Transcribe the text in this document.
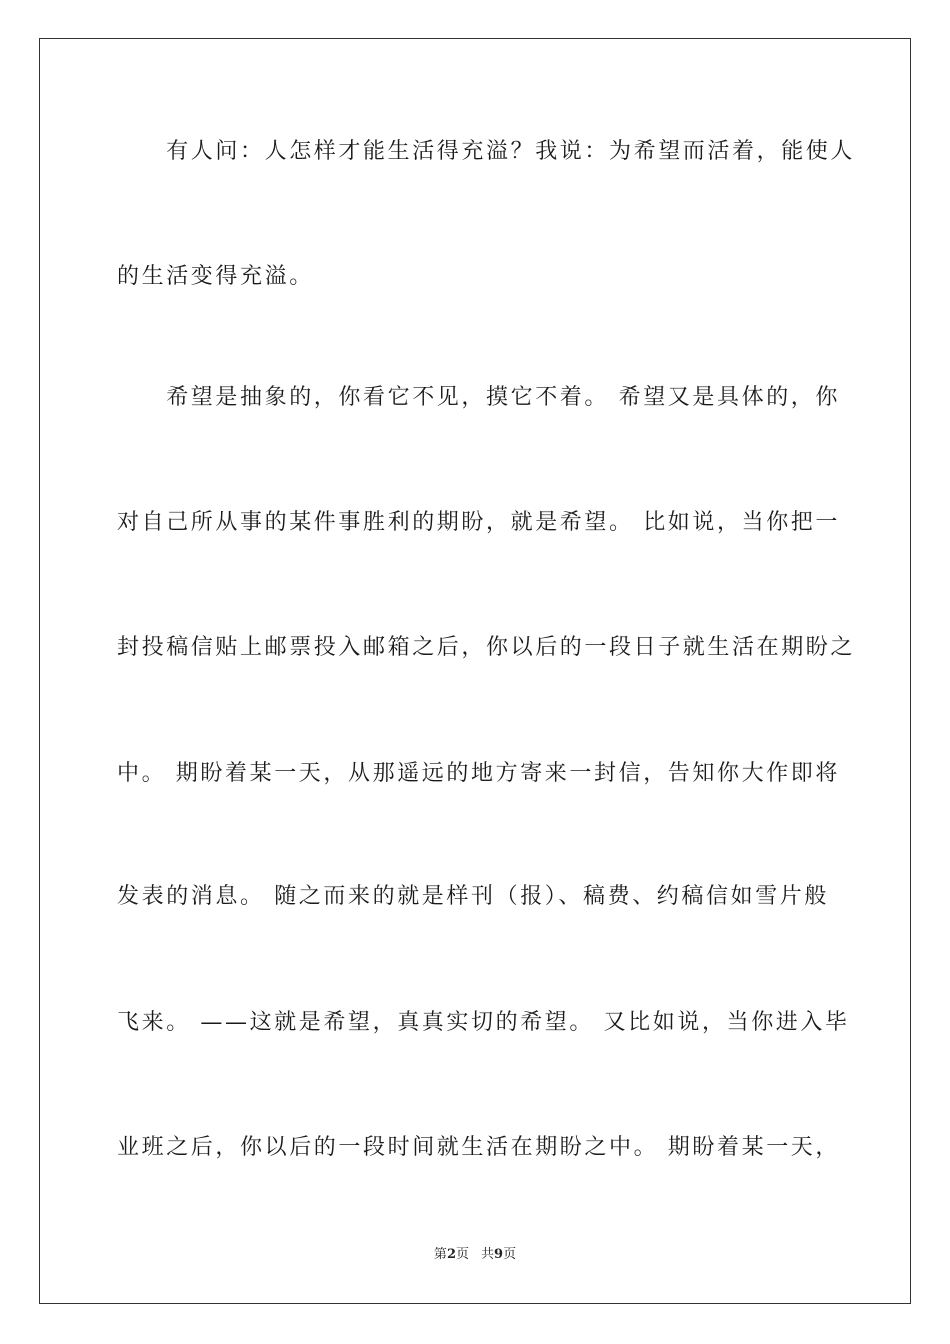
　　有人问：人怎样才能生活得充溢？我说：为希望而活着，能使人
的生活变得充溢。
　　希望是抽象的，你看它不见，摸它不着。 希望又是具体的，你
对自己所从事的某件事胜利的期盼，就是希望。 比如说，当你把一
封投稿信贴上邮票投入邮箱之后，你以后的一段日子就生活在期盼之
中。 期盼着某一天，从那遥远的地方寄来一封信，告知你大作即将
发表的消息。 随之而来的就是样刊（报）、稿费、约稿信如雪片般
飞来。 ——这就是希望，真真实切的希望。 又比如说，当你进入毕
业班之后，你以后的一段时间就生活在期盼之中。 期盼着某一天，
第2页 共9页
